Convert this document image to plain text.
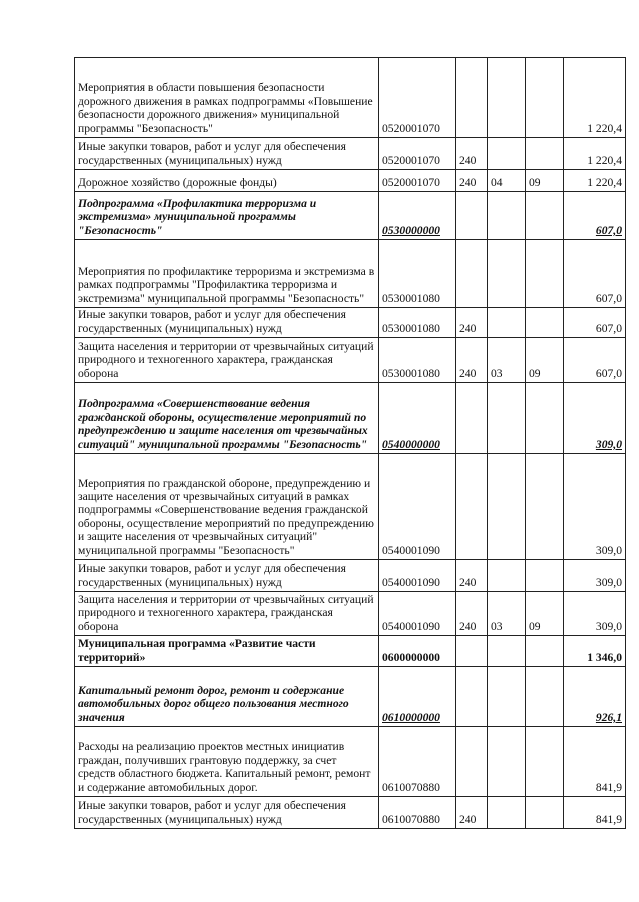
Мероприятия в области повышения безопасности дорожного движения в рамках подпрограммы «Повышение безопасности дорожного движения» муниципальной программы "Безопасность"	0520001070				1 220,4
Иные закупки товаров, работ и услуг для обеспечения государственных (муниципальных) нужд	0520001070	240			1 220,4
Дорожное хозяйство (дорожные фонды)	0520001070	240	04	09	1 220,4
Подпрограмма «Профилактика терроризма и экстремизма» муниципальной программы "Безопасность"	0530000000				607,0
Мероприятия по профилактике терроризма и экстремизма в рамках подпрограммы "Профилактика терроризма и экстремизма" муниципальной программы "Безопасность"	0530001080				607,0
Иные закупки товаров, работ и услуг для обеспечения государственных (муниципальных) нужд	0530001080	240			607,0
Защита населения и территории от чрезвычайных ситуаций природного и техногенного характера, гражданская оборона	0530001080	240	03	09	607,0
Подпрограмма «Совершенствование ведения гражданской обороны, осуществление мероприятий по предупреждению и защите населения от чрезвычайных ситуаций" муниципальной программы "Безопасность"	0540000000				309,0
Мероприятия по гражданской обороне, предупреждению и защите населения от чрезвычайных ситуаций в рамках подпрограммы «Совершенствование ведения гражданской обороны, осуществление мероприятий по предупреждению и защите населения от чрезвычайных ситуаций" муниципальной программы "Безопасность"	0540001090				309,0
Иные закупки товаров, работ и услуг для обеспечения государственных (муниципальных) нужд	0540001090	240			309,0
Защита населения и территории от чрезвычайных ситуаций природного и техногенного характера, гражданская оборона	0540001090	240	03	09	309,0
Муниципальная программа «Развитие части территорий»	0600000000				1 346,0
Капитальный ремонт дорог, ремонт и содержание автомобильных дорог общего пользования местного значения	0610000000				926,1
Расходы на реализацию проектов местных инициатив граждан, получивших грантовую поддержку, за счет средств областного бюджета. Капитальный ремонт, ремонт и содержание автомобильных дорог.	0610070880				841,9
Иные закупки товаров, работ и услуг для обеспечения государственных (муниципальных) нужд	0610070880	240			841,9
